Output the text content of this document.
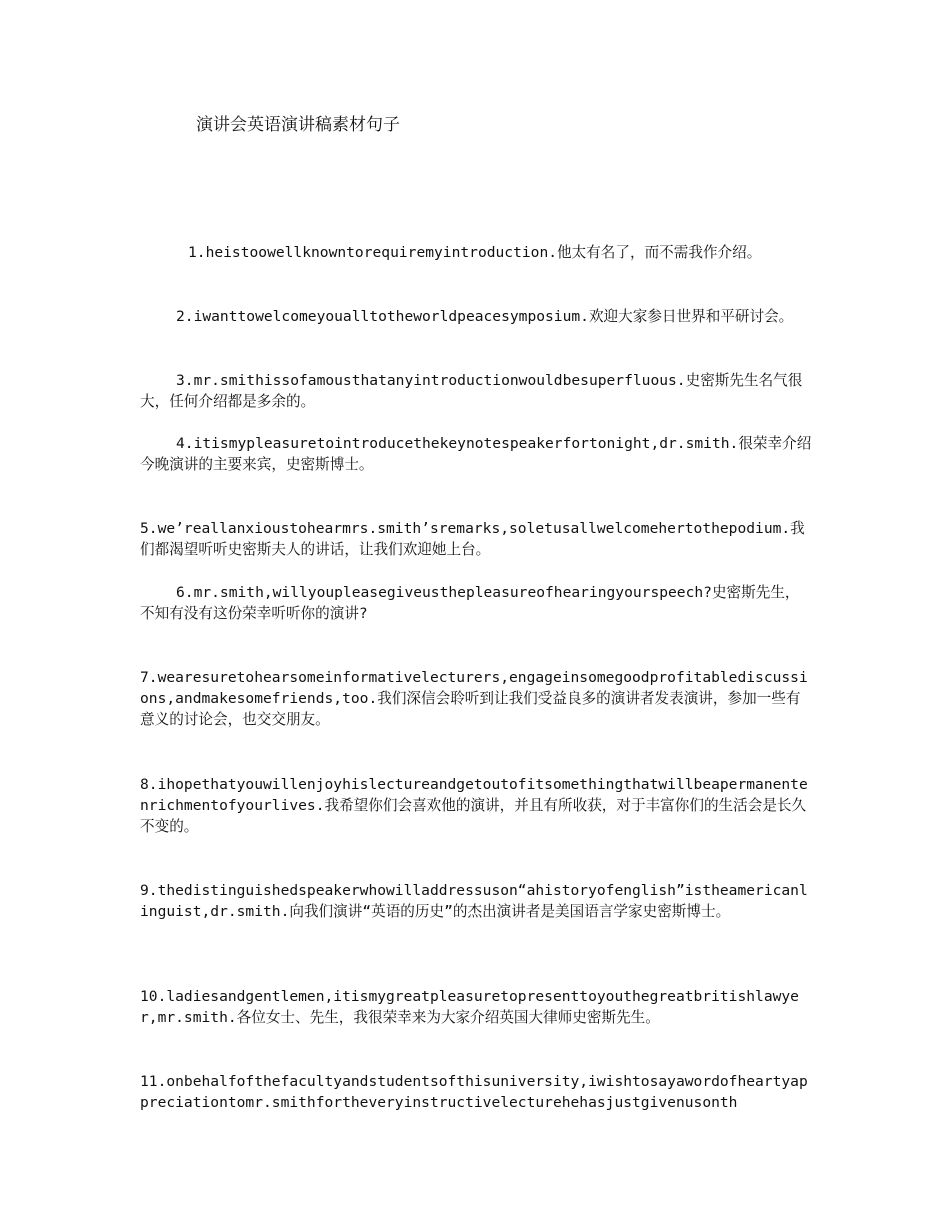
演讲会英语演讲稿素材句子
1.heistoowellknowntorequiremyintroduction.他太有名了，而不需我作介绍。
2.iwanttowelcomeyoualltotheworldpeacesymposium.欢迎大家参日世界和平研讨会。
3.mr.smithissofamousthatanyintroductionwouldbesuperfluous.史密斯先生名气很大，任何介绍都是多余的。
4.itismypleasuretointroducethekeynotespeakerfortonight,dr.smith.很荣幸介绍今晚演讲的主要来宾，史密斯博士。
5.we’reallanxioustohearmrs.smith’sremarks,soletusallwelcomehertothepodium.我们都渴望听听史密斯夫人的讲话，让我们欢迎她上台。
6.mr.smith,willyoupleasegiveusthepleasureofhearingyourspeech?史密斯先生，不知有没有这份荣幸听听你的演讲?
7.wearesuretohearsomeinformativelecturers,engageinsomegoodprofitablediscussions,andmakesomefriends,too.我们深信会聆听到让我们受益良多的演讲者发表演讲，参加一些有意义的讨论会，也交交朋友。
8.ihopethatyouwillenjoyhislectureandgetoutofitsomethingthatwillbeapermanentenrichmentofyourlives.我希望你们会喜欢他的演讲，并且有所收获，对于丰富你们的生活会是长久不变的。
9.thedistinguishedspeakerwhowilladdressuson“ahistoryofenglish”istheamericanlinguist,dr.smith.向我们演讲“英语的历史”的杰出演讲者是美国语言学家史密斯博士。
10.ladiesandgentlemen,itismygreatpleasuretopresenttoyouthegreatbritishlawyer,mr.smith.各位女士、先生，我很荣幸来为大家介绍英国大律师史密斯先生。
11.onbehalfofthefacultyandstudentsofthisuniversity,iwishtosayawordofheartyappreciationtomr.smithfortheveryinstructivelecturehehasjustgivenusonth
